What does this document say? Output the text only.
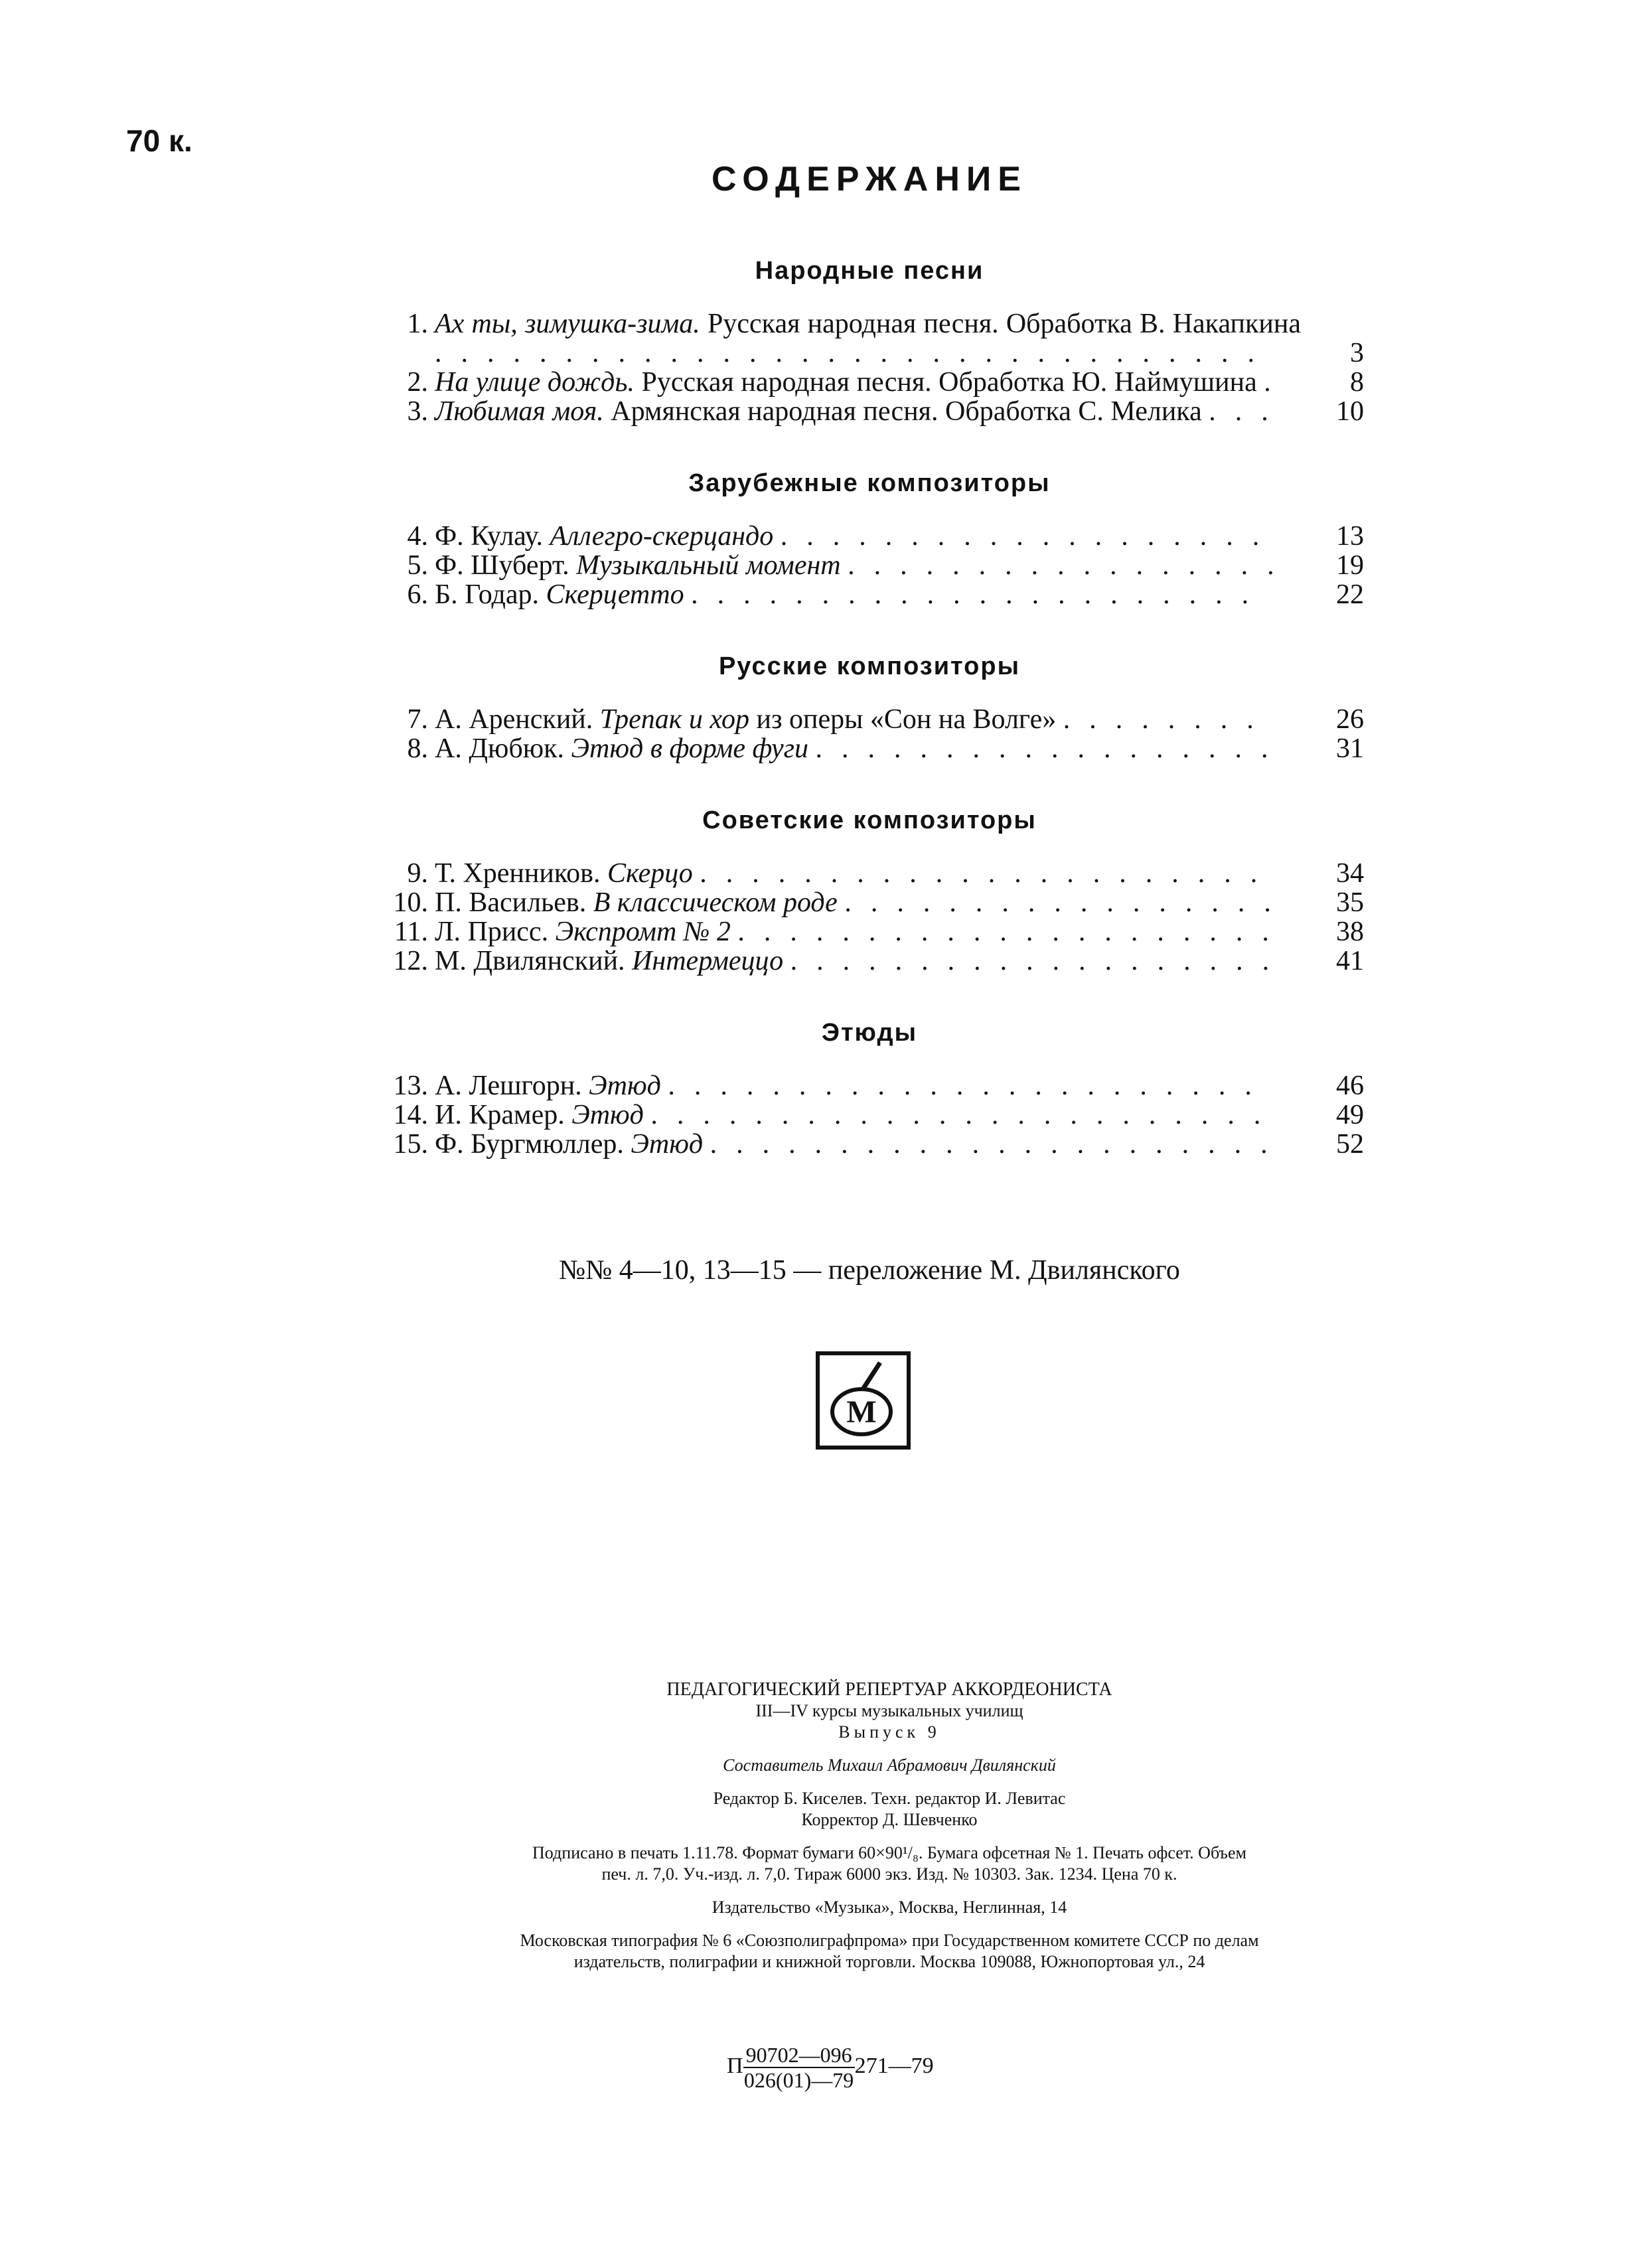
70 к.
СОДЕРЖАНИЕ
Народные песни
1. Ах ты, зимушка-зима. Русская народная песня. Обработка В. Накапкина ................................	3
2. На улице дождь. Русская народная песня. Обработка Ю. Наймушина .	8
3. Любимая моя. Армянская народная песня. Обработка С. Мелика ...	10
Зарубежные композиторы
4. Ф. Кулау. Аллегро-скерцандо ...................	13
5. Ф. Шуберт. Музыкальный момент .................	19
6. Б. Годар. Скерцетто ......................	22
Русские композиторы
7. А. Аренский. Трепак и хор из оперы «Сон на Волге» ........	26
8. А. Дюбюк. Этюд в форме фуги ..................	31
Советские композиторы
9. Т. Хренников. Скерцо ......................	34
10. П. Васильев. В классическом роде .................	35
11. Л. Присс. Экспромт № 2 .....................	38
12. М. Двилянский. Интермеццо ...................	41
Этюды
13. А. Лешгорн. Этюд .......................	46
14. И. Крамер. Этюд ........................	49
15. Ф. Бургмюллер. Этюд ......................	52
№№ 4—10, 13—15 — переложение М. Двилянского
М
ПЕДАГОГИЧЕСКИЙ РЕПЕРТУАР АККОРДЕОНИСТА
III—IV курсы музыкальных училищ
Выпуск 9
Составитель Михаил Абрамович Двилянский
Редактор Б. Киселев. Техн. редактор И. Левитас
Корректор Д. Шевченко
Подписано в печать 1.11.78. Формат бумаги 60×90¹/₈. Бумага офсетная № 1. Печать офсет. Объем
печ. л. 7,0. Уч.-изд. л. 7,0. Тираж 6000 экз. Изд. № 10303. Зак. 1234. Цена 70 к.
Издательство «Музыка», Москва, Неглинная, 14
Московская типография № 6 «Союзполиграфпрома» при Государственном комитете СССР по делам
издательств, полиграфии и книжной торговли. Москва 109088, Южнопортовая ул., 24
П $\frac{90702—096}{026(01)—79}$ 271—79
